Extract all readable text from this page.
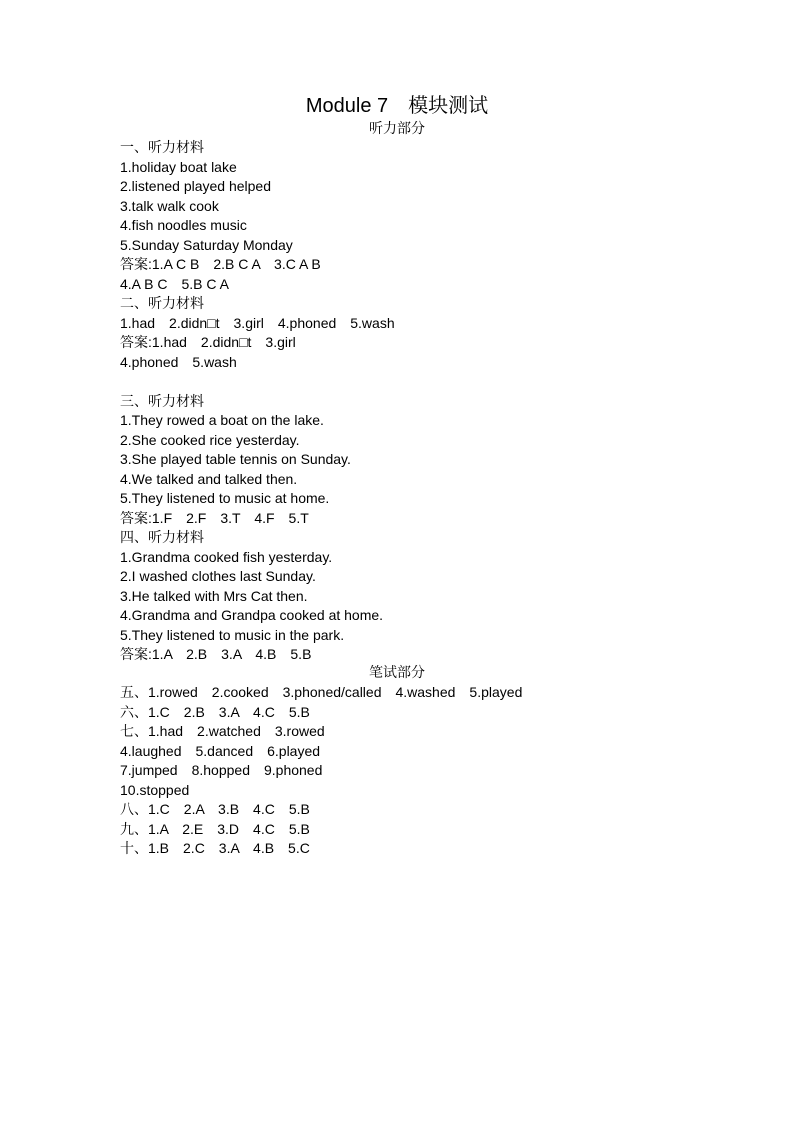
Module 7　模块测试
听力部分
一、听力材料
1.holiday boat lake
2.listened played helped
3.talk walk cook
4.fish noodles music
5.Sunday Saturday Monday
答案:1.A C B　2.B C A　3.C A B
4.A B C　5.B C A
二、听力材料
1.had　2.didn□t　3.girl　4.phoned　5.wash
答案:1.had　2.didn□t　3.girl
4.phoned　5.wash
三、听力材料
1.They rowed a boat on the lake.
2.She cooked rice yesterday.
3.She played table tennis on Sunday.
4.We talked and talked then.
5.They listened to music at home.
答案:1.F　2.F　3.T　4.F　5.T
四、听力材料
1.Grandma cooked fish yesterday.
2.I washed clothes last Sunday.
3.He talked with Mrs Cat then.
4.Grandma and Grandpa cooked at home.
5.They listened to music in the park.
答案:1.A　2.B　3.A　4.B　5.B
笔试部分
五、1.rowed　2.cooked　3.phoned/called　4.washed　5.played
六、1.C　2.B　3.A　4.C　5.B
七、1.had　2.watched　3.rowed
4.laughed　5.danced　6.played
7.jumped　8.hopped　9.phoned
10.stopped
八、1.C　2.A　3.B　4.C　5.B
九、1.A　2.E　3.D　4.C　5.B
十、1.B　2.C　3.A　4.B　5.C
